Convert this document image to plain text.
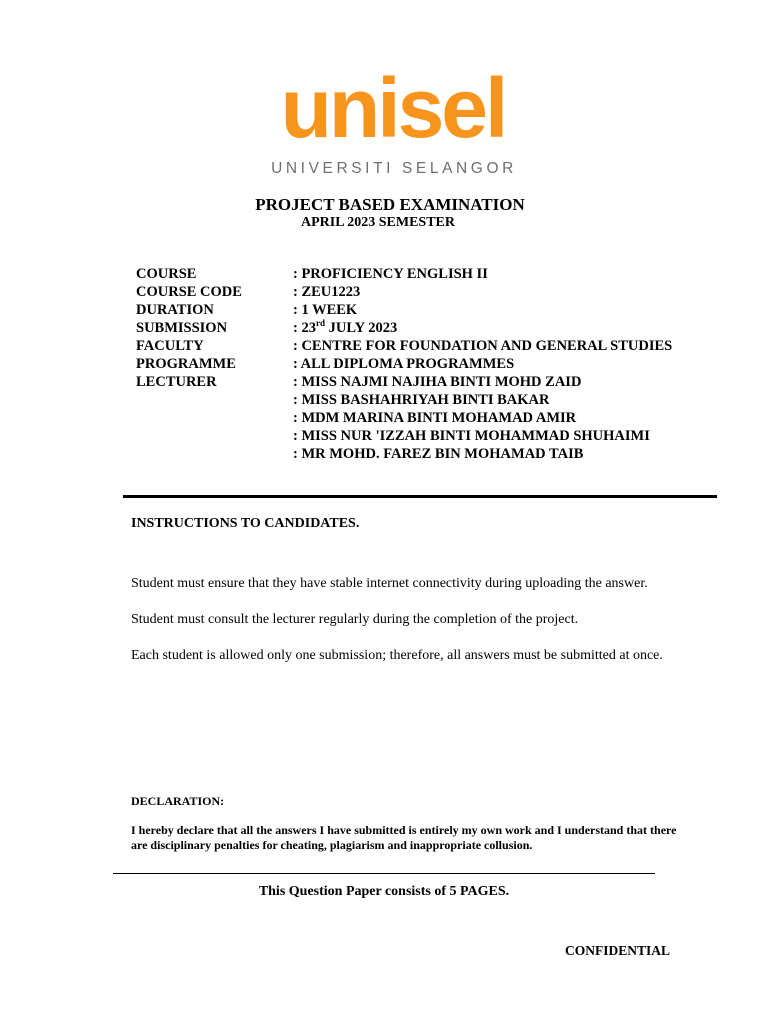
unisel
UNIVERSITI SELANGOR
PROJECT BASED EXAMINATION
APRIL 2023 SEMESTER
COURSE	: PROFICIENCY ENGLISH II
COURSE CODE	: ZEU1223
DURATION	: 1 WEEK
SUBMISSION	: 23rd JULY 2023
FACULTY	: CENTRE FOR FOUNDATION AND GENERAL STUDIES
PROGRAMME	: ALL DIPLOMA PROGRAMMES
LECTURER	: MISS NAJMI NAJIHA BINTI MOHD ZAID
: MISS BASHAHRIYAH BINTI BAKAR
: MDM MARINA BINTI MOHAMAD AMIR
: MISS NUR 'IZZAH BINTI MOHAMMAD SHUHAIMI
: MR MOHD. FAREZ BIN MOHAMAD TAIB
INSTRUCTIONS TO CANDIDATES.
Student must ensure that they have stable internet connectivity during uploading the answer.
Student must consult the lecturer regularly during the completion of the project.
Each student is allowed only one submission; therefore, all answers must be submitted at once.
DECLARATION:
I hereby declare that all the answers I have submitted is entirely my own work and I understand that there are disciplinary penalties for cheating, plagiarism and inappropriate collusion.
This Question Paper consists of 5 PAGES.
CONFIDENTIAL
